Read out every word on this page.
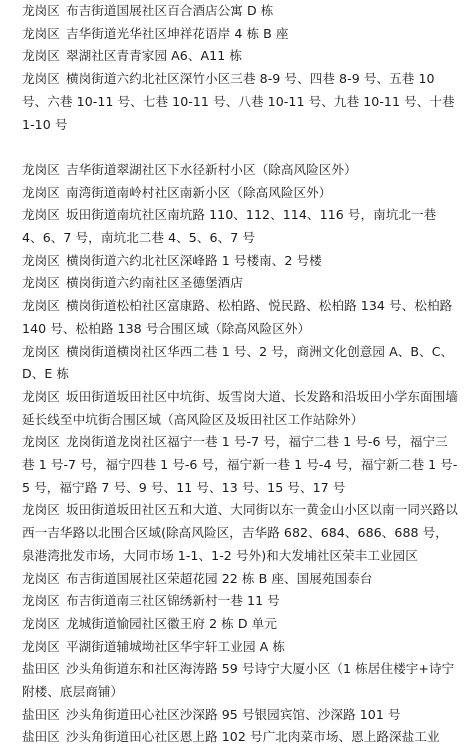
龙岗区 布吉街道国展社区百合酒店公寓 D 栋

龙岗区 吉华街道光华社区坤祥花语岸 4 栋 B 座

龙岗区 翠湖社区青青家园 A6、A11 栋

龙岗区 横岗街道六约北社区深竹小区三巷 8-9 号、四巷 8-9 号、五巷 10 号、六巷 10-11 号、七巷 10-11 号、八巷 10-11 号、九巷 10-11 号、十巷 1-10 号

龙岗区 吉华街道翠湖社区下水径新村小区（除高风险区外）

龙岗区 南湾街道南岭村社区南新小区（除高风险区外）

龙岗区 坂田街道南坑社区南坑路 110、112、114、116 号，南坑北一巷 4、6、7 号，南坑北二巷 4、5、6、7 号

龙岗区 横岗街道六约北社区深峰路 1 号楼南、2 号楼

龙岗区 横岗街道六约南社区圣德堡酒店

龙岗区 横岗街道松柏社区富康路、松柏路、悦民路、松柏路 134 号、松柏路 140 号、松柏路 138 号合围区域（除高风险区外）

龙岗区 横岗街道横岗社区华西二巷 1 号、2 号，商洲文化创意园 A、B、C、D、E 栋

龙岗区 坂田街道坂田社区中坑街、坂雪岗大道、长发路和沿坂田小学东面围墙延长线至中坑街合围区域（高风险区及坂田社区工作站除外）

龙岗区 龙岗街道龙岗社区福宁一巷 1 号-7 号，福宁二巷 1 号-6 号，福宁三巷 1 号-7 号，福宁四巷 1 号-6 号，福宁新一巷 1 号-4 号，福宁新二巷 1 号-5 号，福宁路 7 号、9 号、11 号、13 号、15 号、17 号

龙岗区 坂田街道坂田社区五和大道、大同街以东一黄金山小区以南一同兴路以西一吉华路以北围合区域(除高风险区，吉华路 682、684、686、688 号，泉港湾批发市场，大同市场 1-1、1-2 号外)和大发埔社区荣丰工业园区

龙岗区 布吉街道国展社区荣超花园 22 栋 B 座、国展苑国泰台

龙岗区 布吉街道南三社区锦绣新村一巷 11 号

龙岗区 龙城街道愉园社区徽王府 2 栋 D 单元

龙岗区 平湖街道辅城坳社区华宇轩工业园 A 栋

盐田区 沙头角街道东和社区海涛路 59 号诗宁大厦小区（1 栋居住楼宇+诗宁附楼、底层商铺）

盐田区 沙头角街道田心社区沙深路 95 号银园宾馆、沙深路 101 号

盐田区 沙头角街道田心社区恩上路 102 号广北肉菜市场、恩上路深盐工业
